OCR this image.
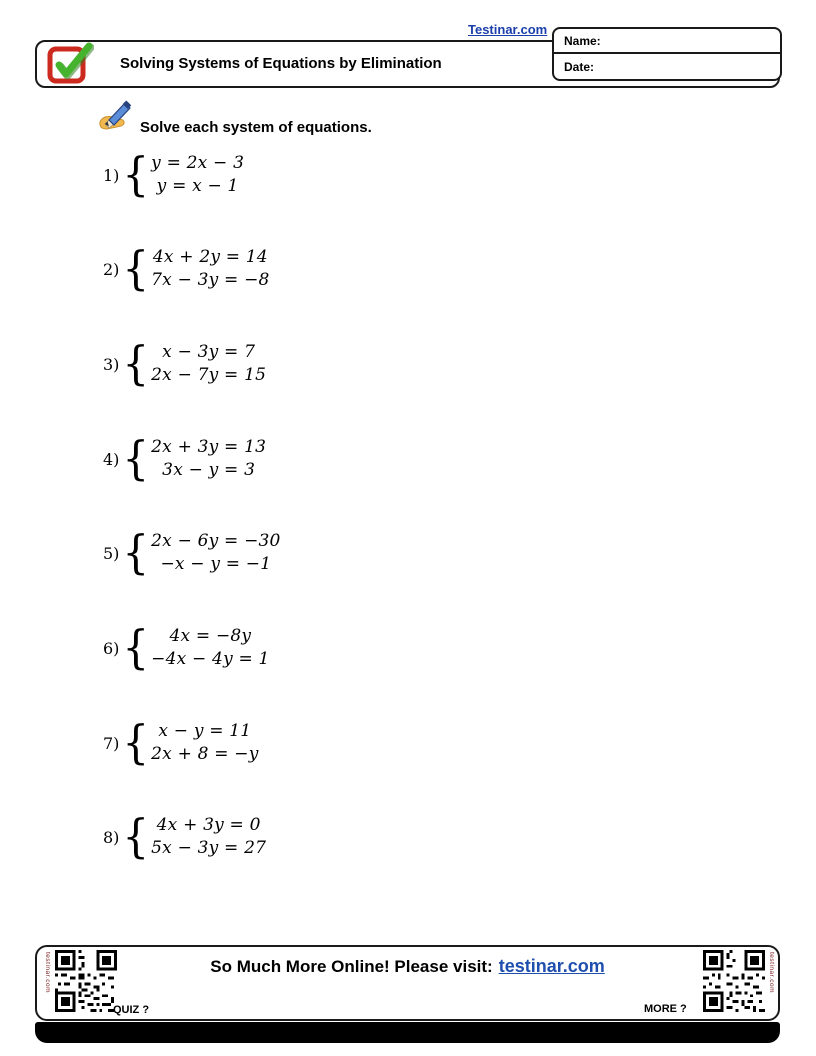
Testinar.com
Solving Systems of Equations by Elimination
Name:
Date:
Solve each system of equations.
1) { y = 2x − 3
y = x − 1
2) { 4x + 2y = 14
7x − 3y = −8
3) { x − 3y = 7
2x − 7y = 15
4) { 2x + 3y = 13
3x − y = 3
5) { 2x − 6y = −30
−x − y = −1
6) { 4x = −8y
−4x − 4y = 1
7) { x − y = 11
2x + 8 = −y
8) { 4x + 3y = 0
5x − 3y = 27
testinar.com	testinar.com
So Much More Online! Please visit: testinar.com
QUIZ ?	MORE ?
